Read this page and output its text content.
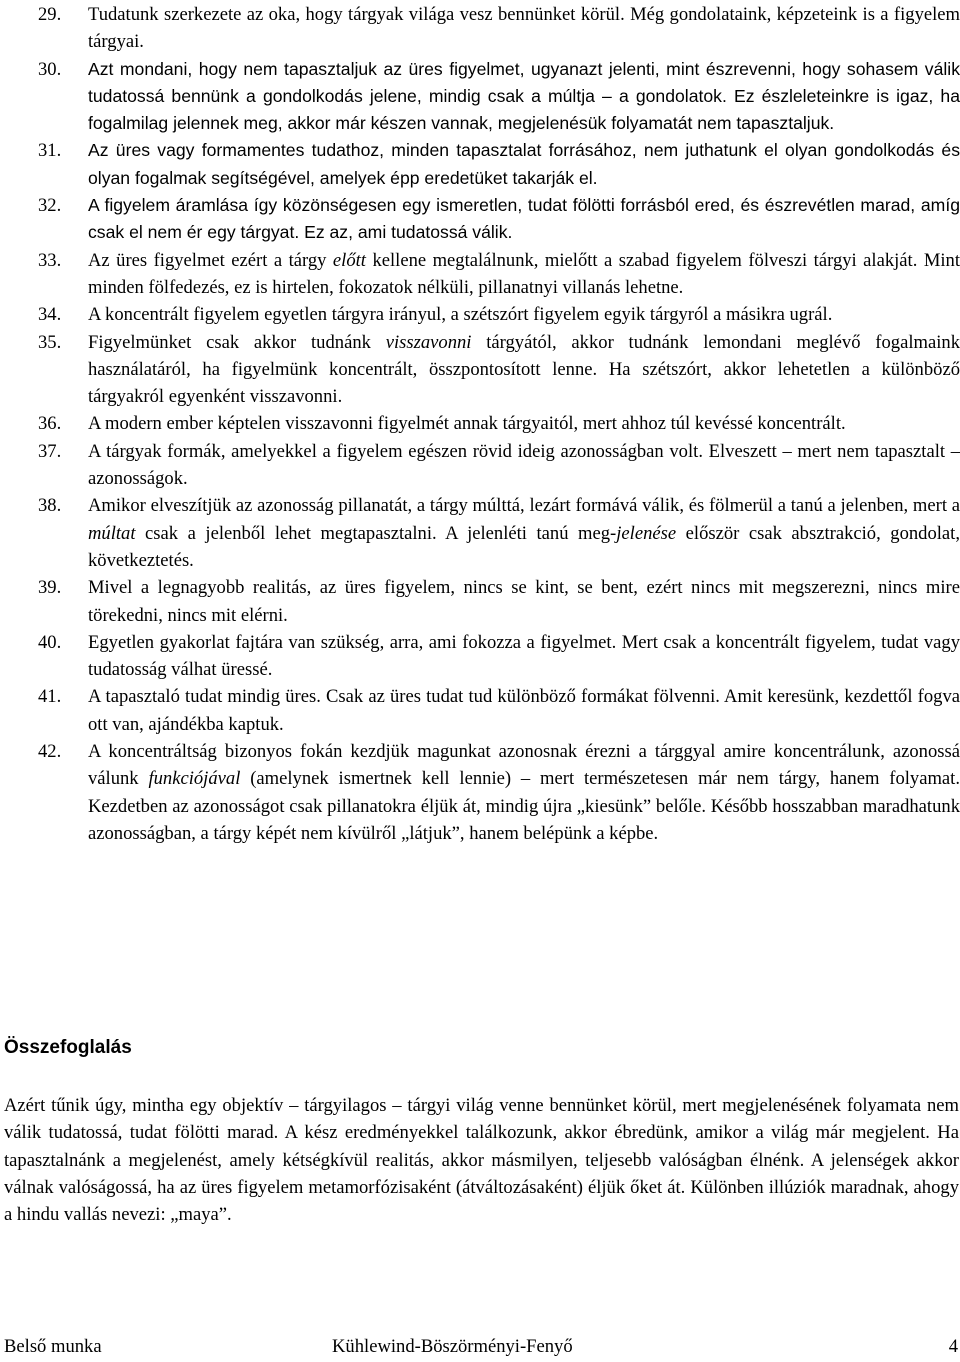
29. Tudatunk szerkezete az oka, hogy tárgyak világa vesz bennünket körül. Még gondolataink, képzeteink is a figyelem tárgyai.
30. Azt mondani, hogy nem tapasztaljuk az üres figyelmet, ugyanazt jelenti, mint észrevenni, hogy sohasem válik tudatossá bennünk a gondolkodás jelene, mindig csak a múltja – a gondolatok. Ez észleleteinkre is igaz, ha fogalmilag jelennek meg, akkor már készen vannak, megjelenésük folyamatát nem tapasztaljuk.
31. Az üres vagy formamentes tudathoz, minden tapasztalat forrásához, nem juthatunk el olyan gondolkodás és olyan fogalmak segítségével, amelyek épp eredetüket takarják el.
32. A figyelem áramlása így közönségesen egy ismeretlen, tudat fölötti forrásból ered, és észrevétlen marad, amíg csak el nem ér egy tárgyat. Ez az, ami tudatossá válik.
33. Az üres figyelmet ezért a tárgy előtt kellene megtalálnunk, mielőtt a szabad figyelem fölveszi tárgyi alakját. Mint minden fölfedezés, ez is hirtelen, fokozatok nélküli, pillanatnyi villanás lehetne.
34. A koncentrált figyelem egyetlen tárgyra irányul, a szétszórt figyelem egyik tárgyról a másikra ugrál.
35. Figyelmünket csak akkor tudnánk visszavonni tárgyától, akkor tudnánk lemondani meglévő fogalmaink használatáról, ha figyelmünk koncentrált, összpontosított lenne. Ha szétszórt, akkor lehetetlen a különböző tárgyakról egyenként visszavonni.
36. A modern ember képtelen visszavonni figyelmét annak tárgyaitól, mert ahhoz túl kevéssé koncentrált.
37. A tárgyak formák, amelyekkel a figyelem egészen rövid ideig azonosságban volt. Elveszett – mert nem tapasztalt – azonosságok.
38. Amikor elveszítjük az azonosság pillanatát, a tárgy múlttá, lezárt formává válik, és fölmerül a tanú a jelenben, mert a múltat csak a jelenből lehet megtapasztalni. A jelenléti tanú meg-jelenése először csak absztrakció, gondolat, következtetés.
39. Mivel a legnagyobb realitás, az üres figyelem, nincs se kint, se bent, ezért nincs mit megszerezni, nincs mire törekedni, nincs mit elérni.
40. Egyetlen gyakorlat fajtára van szükség, arra, ami fokozza a figyelmet. Mert csak a koncentrált figyelem, tudat vagy tudatosság válhat üressé.
41. A tapasztaló tudat mindig üres. Csak az üres tudat tud különböző formákat fölvenni. Amit keresünk, kezdettől fogva ott van, ajándékba kaptuk.
42. A koncentráltság bizonyos fokán kezdjük magunkat azonosnak érezni a tárggyal amire koncentrálunk, azonossá válunk funkciójával (amelynek ismertnek kell lennie) – mert természetesen már nem tárgy, hanem folyamat. Kezdetben az azonosságot csak pillanatokra éljük át, mindig újra „kiesünk” belőle. Később hosszabban maradhatunk azonosságban, a tárgy képét nem kívülről „látjuk”, hanem belépünk a képbe.
Összefoglalás
Azért tűnik úgy, mintha egy objektív – tárgyilagos – tárgyi világ venne bennünket körül, mert megjelenésének folyamata nem válik tudatossá, tudat fölötti marad. A kész eredményekkel találkozunk, akkor ébredünk, amikor a világ már megjelent. Ha tapasztalnánk a megjelenést, amely kétségkívül realitás, akkor másmilyen, teljesebb valóságban élnénk. A jelenségek akkor válnak valóságossá, ha az üres figyelem metamorfózisaként (átváltozásaként) éljük őket át. Különben illúziók maradnak, ahogy a hindu vallás nevezi: „maya”.
Belső munka	Kühlewind-Böszörményi-Fenyő	4
